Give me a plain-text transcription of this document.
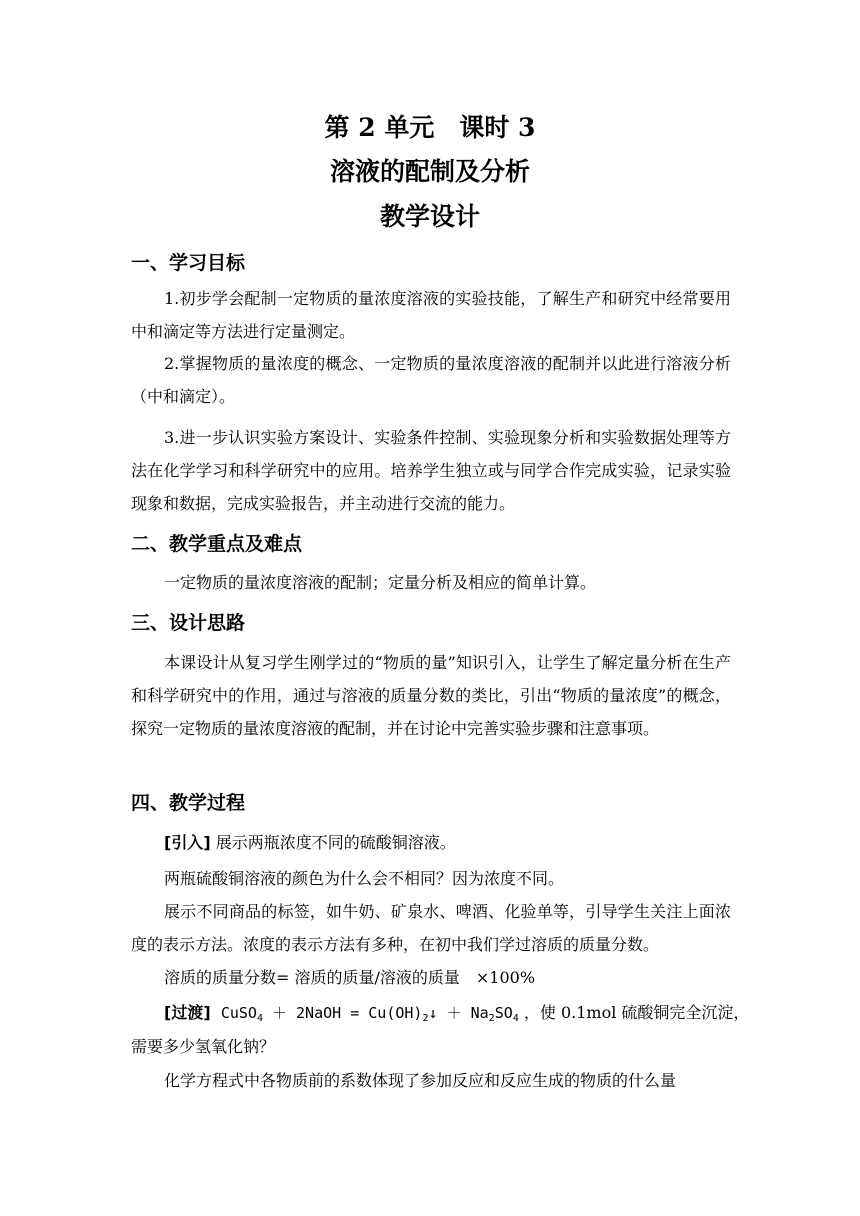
第 2 单元　课时 3
溶液的配制及分析
教学设计
一、学习目标
1.初步学会配制一定物质的量浓度溶液的实验技能，了解生产和研究中经常要用中和滴定等方法进行定量测定。
2.掌握物质的量浓度的概念、一定物质的量浓度溶液的配制并以此进行溶液分析（中和滴定）。
3.进一步认识实验方案设计、实验条件控制、实验现象分析和实验数据处理等方法在化学学习和科学研究中的应用。培养学生独立或与同学合作完成实验，记录实验现象和数据，完成实验报告，并主动进行交流的能力。
二、教学重点及难点
一定物质的量浓度溶液的配制；定量分析及相应的简单计算。
三、设计思路
本课设计从复习学生刚学过的“物质的量”知识引入，让学生了解定量分析在生产和科学研究中的作用，通过与溶液的质量分数的类比，引出“物质的量浓度”的概念，探究一定物质的量浓度溶液的配制，并在讨论中完善实验步骤和注意事项。
四、教学过程
[引入] 展示两瓶浓度不同的硫酸铜溶液。
两瓶硫酸铜溶液的颜色为什么会不相同？因为浓度不同。
展示不同商品的标签，如牛奶、矿泉水、啤酒、化验单等，引导学生关注上面浓度的表示方法。浓度的表示方法有多种，在初中我们学过溶质的质量分数。
溶质的质量分数= 溶质的质量/溶液的质量　×100%
[过渡] CuSO$_4$ ＋ 2NaOH = $Cu(OH)_2↓ + Na_2SO_4$ ，使 0.1mol 硫酸铜完全沉淀，
需要多少氢氧化钠？
化学方程式中各物质前的系数体现了参加反应和反应生成的物质的什么量
